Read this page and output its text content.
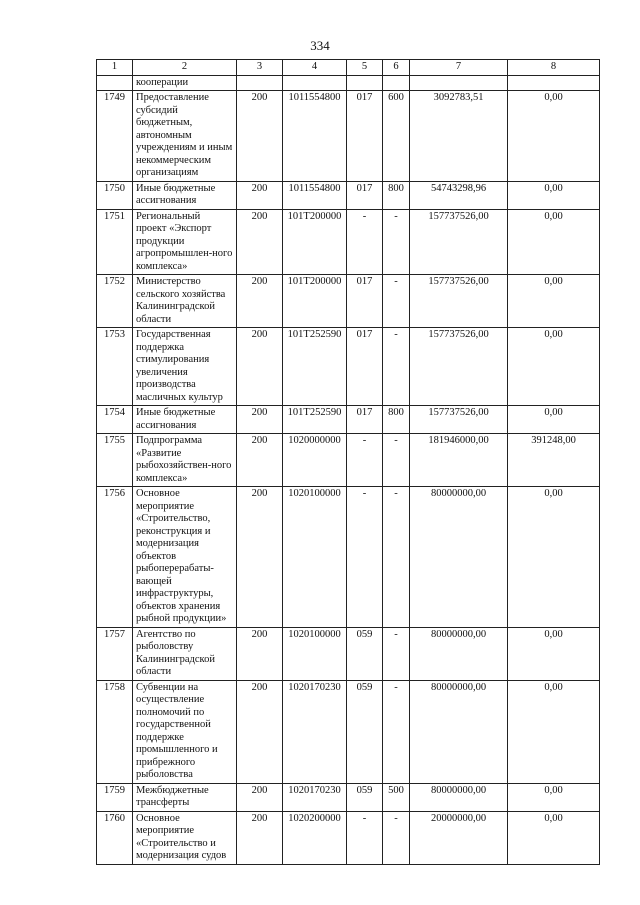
334
1	2	3	4	5	6	7	8
	кооперации						
1749	Предоставление субсидий бюджетным, автономным учреждениям и иным некоммерческим организациям	200	1011554800	017	600	3092783,51	0,00
1750	Иные бюджетные ассигнования	200	1011554800	017	800	54743298,96	0,00
1751	Региональный проект «Экспорт продукции агропромышлен-ного комплекса»	200	101T200000	-	-	157737526,00	0,00
1752	Министерство сельского хозяйства Калининградской области	200	101T200000	017	-	157737526,00	0,00
1753	Государственная поддержка стимулирования увеличения производства масличных культур	200	101T252590	017	-	157737526,00	0,00
1754	Иные бюджетные ассигнования	200	101T252590	017	800	157737526,00	0,00
1755	Подпрограмма «Развитие рыбохозяйствен-ного комплекса»	200	1020000000	-	-	181946000,00	391248,00
1756	Основное мероприятие «Строительство, реконструкция и модернизация объектов рыбоперерабаты-вающей инфраструктуры, объектов хранения рыбной продукции»	200	1020100000	-	-	80000000,00	0,00
1757	Агентство по рыболовству Калининградской области	200	1020100000	059	-	80000000,00	0,00
1758	Субвенции на осуществление полномочий по государственной поддержке промышленного и прибрежного рыболовства	200	1020170230	059	-	80000000,00	0,00
1759	Межбюджетные трансферты	200	1020170230	059	500	80000000,00	0,00
1760	Основное мероприятие «Строительство и модернизация судов	200	1020200000	-	-	20000000,00	0,00
